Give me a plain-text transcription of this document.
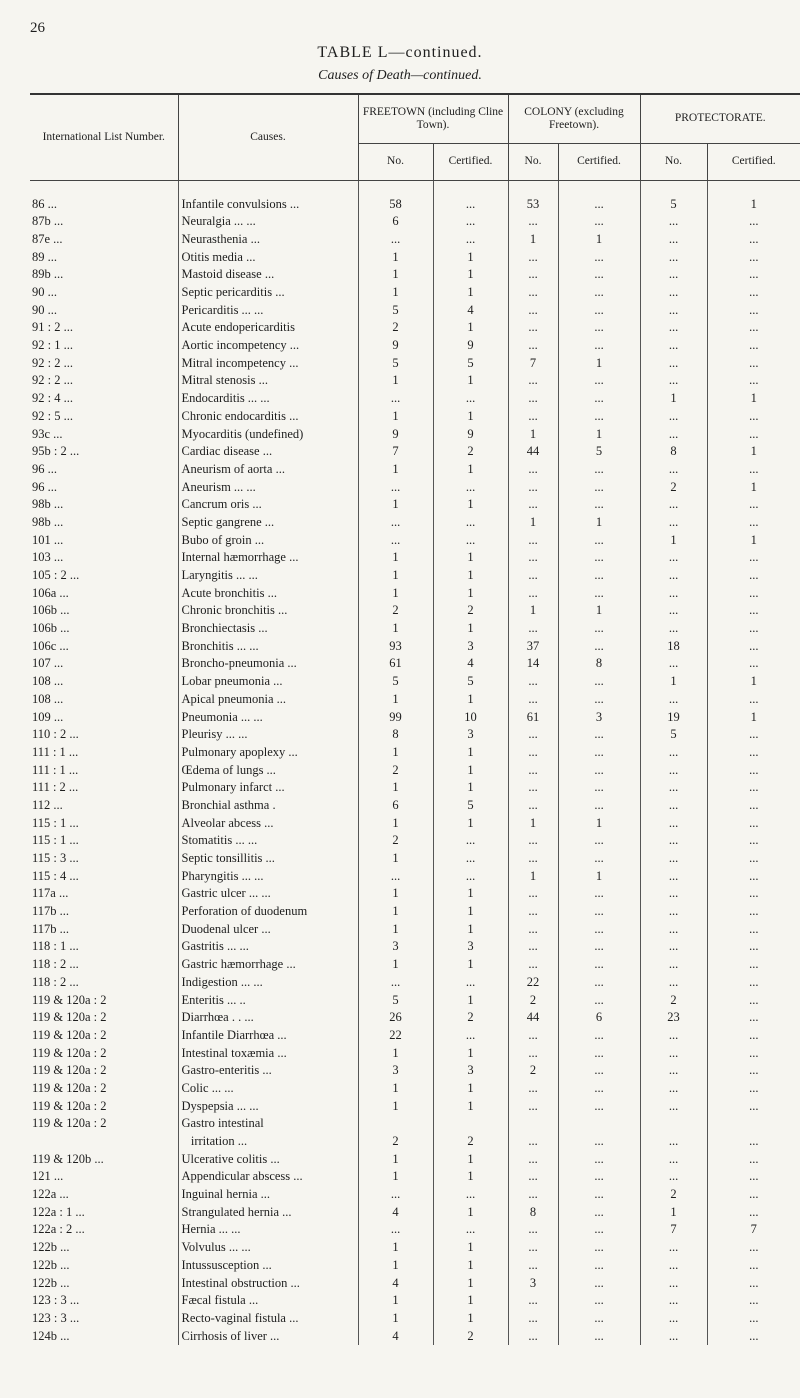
26
TABLE L—continued.
Causes of Death—continued.
International List Number.	Causes.	FREETOWN (including Cline Town).		COLONY (excluding Freetown).		PROTECTORATE.	
		No.	Certified.	No.	Certified.	No.	Certified.
86 ...	Infantile convulsions ...	58	...	53	...	5	1
87b ...	Neuralgia ... ...	6	...	...	...	...	...
87e ...	Neurasthenia ...	...	...	1	1	...	...
89 ...	Otitis media ...	1	1	...	...	...	...
89b ...	Mastoid disease ...	1	1	...	...	...	...
90 ...	Septic pericarditis ...	1	1	...	...	...	...
90 ...	Pericarditis ... ...	5	4	...	...	...	...
91 : 2 ...	Acute endopericarditis	2	1	...	...	...	...
92 : 1 ...	Aortic incompetency ...	9	9	...	...	...	...
92 : 2 ...	Mitral incompetency ...	5	5	7	1	...	...
92 : 2 ...	Mitral stenosis ...	1	1	...	...	...	...
92 : 4 ...	Endocarditis ... ...	...	...	...	...	1	1
92 : 5 ...	Chronic endocarditis ...	1	1	...	...	...	...
93c ...	Myocarditis (undefined)	9	9	1	1	...	...
95b : 2 ...	Cardiac disease ...	7	2	44	5	8	1
96 ...	Aneurism of aorta ...	1	1	...	...	...	...
96 ...	Aneurism ... ...	...	...	...	...	2	1
98b ...	Cancrum oris ...	1	1	...	...	...	...
98b ...	Septic gangrene ...	...	...	1	1	...	...
101 ...	Bubo of groin ...	...	...	...	...	1	1
103 ...	Internal hæmorrhage ...	1	1	...	...	...	...
105 : 2 ...	Laryngitis ... ...	1	1	...	...	...	...
106a ...	Acute bronchitis ...	1	1	...	...	...	...
106b ...	Chronic bronchitis ...	2	2	1	1	...	...
106b ...	Bronchiectasis ...	1	1	...	...	...	...
106c ...	Bronchitis ... ...	93	3	37	...	18	...
107 ...	Broncho-pneumonia ...	61	4	14	8	...	...
108 ...	Lobar pneumonia ...	5	5	...	...	1	1
108 ...	Apical pneumonia ...	1	1	...	...	...	...
109 ...	Pneumonia ... ...	99	10	61	3	19	1
110 : 2 ...	Pleurisy ... ...	8	3	...	...	5	...
111 : 1 ...	Pulmonary apoplexy ...	1	1	...	...	...	...
111 : 1 ...	Œdema of lungs ...	2	1	...	...	...	...
111 : 2 ...	Pulmonary infarct ...	1	1	...	...	...	...
112 ...	Bronchial asthma .	6	5	...	...	...	...
115 : 1 ...	Alveolar abcess ...	1	1	1	1	...	...
115 : 1 ...	Stomatitis ... ...	2	...	...	...	...	...
115 : 3 ...	Septic tonsillitis ...	1	...	...	...	...	...
115 : 4 ...	Pharyngitis ... ...	...	...	1	1	...	...
117a ...	Gastric ulcer ... ...	1	1	...	...	...	...
117b ...	Perforation of duodenum	1	1	...	...	...	...
117b ...	Duodenal ulcer ...	1	1	...	...	...	...
118 : 1 ...	Gastritis ... ...	3	3	...	...	...	...
118 : 2 ...	Gastric hæmorrhage ...	1	1	...	...	...	...
118 : 2 ...	Indigestion ... ...	...	...	22	...	...	...
119 & 120a : 2	Enteritis ... ..	5	1	2	...	2	...
119 & 120a : 2	Diarrhœa . . ...	26	2	44	6	23	...
119 & 120a : 2	Infantile Diarrhœa ...	22	...	...	...	...	...
119 & 120a : 2	Intestinal toxæmia ...	1	1	...	...	...	...
119 & 120a : 2	Gastro-enteritis ...	3	3	2	...	...	...
119 & 120a : 2	Colic ... ...	1	1	...	...	...	...
119 & 120a : 2	Dyspepsia ... ...	1	1	...	...	...	...
119 & 120a : 2	Gastro intestinal						
	irritation ...	2	2	...	...	...	...
119 & 120b ...	Ulcerative colitis ...	1	1	...	...	...	...
121 ...	Appendicular abscess ...	1	1	...	...	...	...
122a ...	Inguinal hernia ...	...	...	...	...	2	...
122a : 1 ...	Strangulated hernia ...	4	1	8	...	1	...
122a : 2 ...	Hernia ... ...	...	...	...	...	7	7
122b ...	Volvulus ... ...	1	1	...	...	...	...
122b ...	Intussusception ...	1	1	...	...	...	...
122b ...	Intestinal obstruction ...	4	1	3	...	...	...
123 : 3 ...	Fæcal fistula ...	1	1	...	...	...	...
123 : 3 ...	Recto-vaginal fistula ...	1	1	...	...	...	...
124b ...	Cirrhosis of liver ...	4	2	...	...	...	...
